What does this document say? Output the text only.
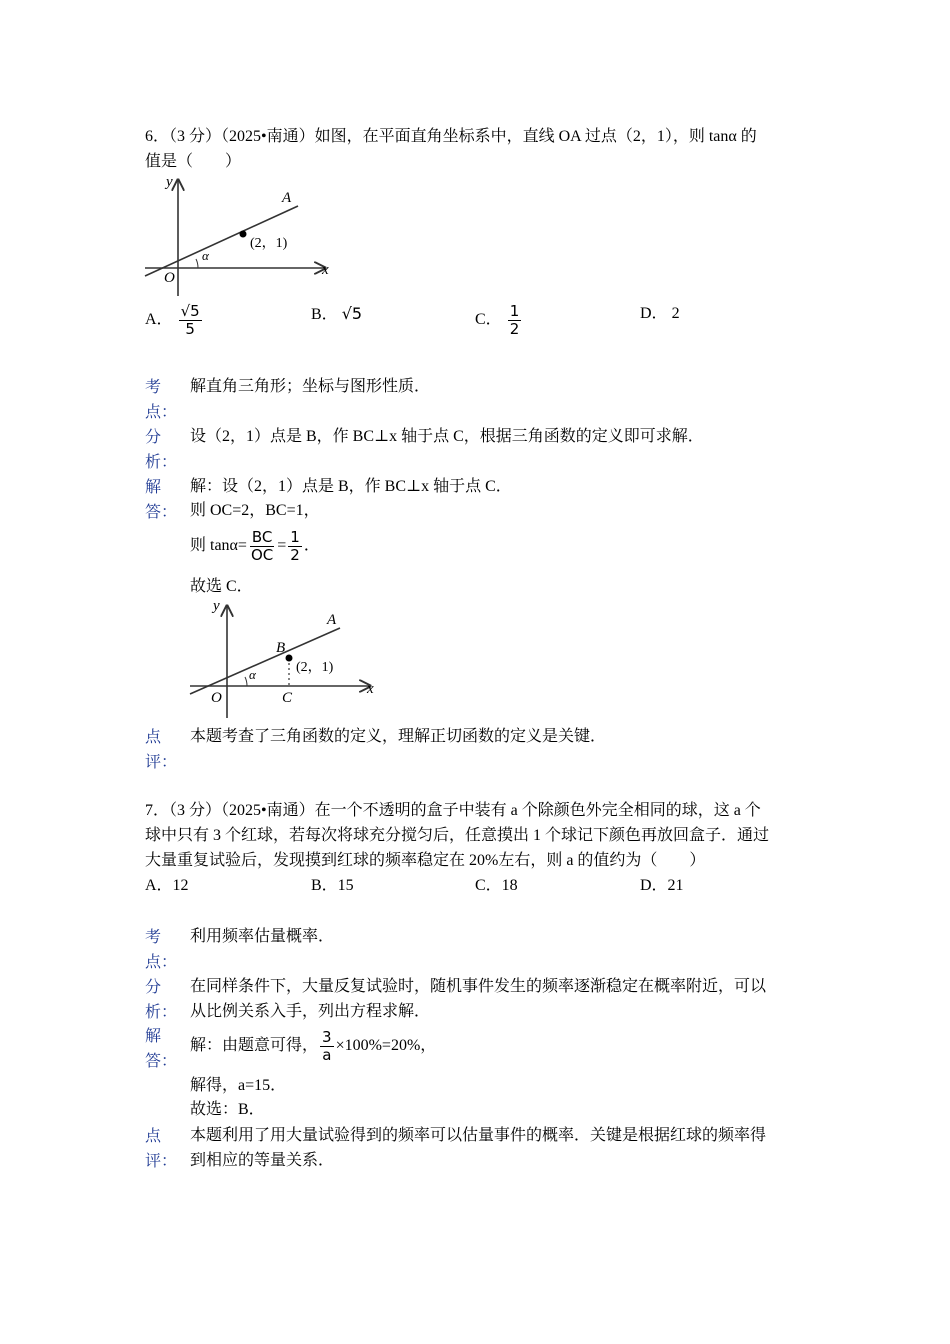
6．（3 分）（2025•南通）如图，在平面直角坐标系中，直线 OA 过点（2，1），则 tanα 的
值是（　　）
y
x
O
A
α
(2，1)
A． $\frac{√5}{5}$	B． √5	C． $\frac{1}{2}$	D． 2
考
点：
解直角三角形；坐标与图形性质．
分
析：
设（2，1）点是 B，作 BC⊥x 轴于点 C，根据三角函数的定义即可求解．
解
答：
解：设（2，1）点是 B，作 BC⊥x 轴于点 C．
则 OC=2，BC=1，
则 $\tan\alpha= \frac{BC}{OC} = \frac{1}{2}$ ．
故选 C．
y
x
O
A
B
C
α	(2，1)
点
评：
本题考查了三角函数的定义，理解正切函数的定义是关键．
7．（3 分）（2025•南通）在一个不透明的盒子中装有 a 个除颜色外完全相同的球，这 a 个
球中只有 3 个红球，若每次将球充分搅匀后，任意摸出 1 个球记下颜色再放回盒子．通过
大量重复试验后，发现摸到红球的频率稳定在 20%左右，则 a 的值约为（　　）
A．12	B．15	C．18	D．21
考
点：
利用频率估量概率．
分
析：
在同样条件下，大量反复试验时，随机事件发生的频率逐渐稳定在概率附近，可以
从比例关系入手，列出方程求解．
解
答：
解：由题意可得， $\frac{3}{a} \times 100\%=20\%$，
解得，a=15．
故选：B．
点
评：
本题利用了用大量试验得到的频率可以估量事件的概率．关键是根据红球的频率得
到相应的等量关系．
